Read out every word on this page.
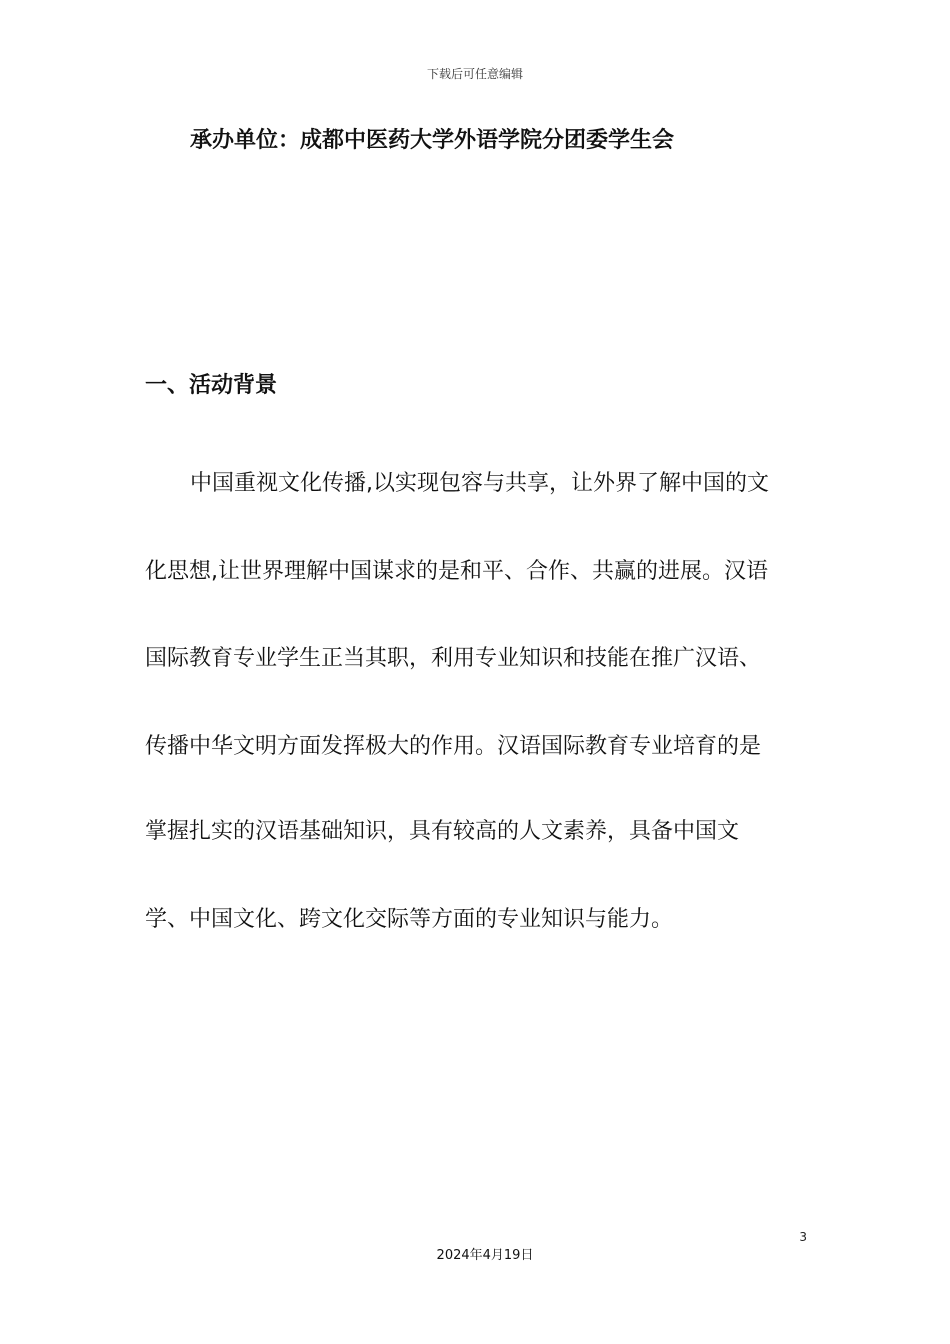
下载后可任意编辑
承办单位：成都中医药大学外语学院分团委学生会
一、活动背景
中国重视文化传播,以实现包容与共享，让外界了解中国的文
化思想,让世界理解中国谋求的是和平、合作、共赢的进展。汉语
国际教育专业学生正当其职，利用专业知识和技能在推广汉语、
传播中华文明方面发挥极大的作用。汉语国际教育专业培育的是
掌握扎实的汉语基础知识，具有较高的人文素养，具备中国文
学、中国文化、跨文化交际等方面的专业知识与能力。
3
2024年4月19日
